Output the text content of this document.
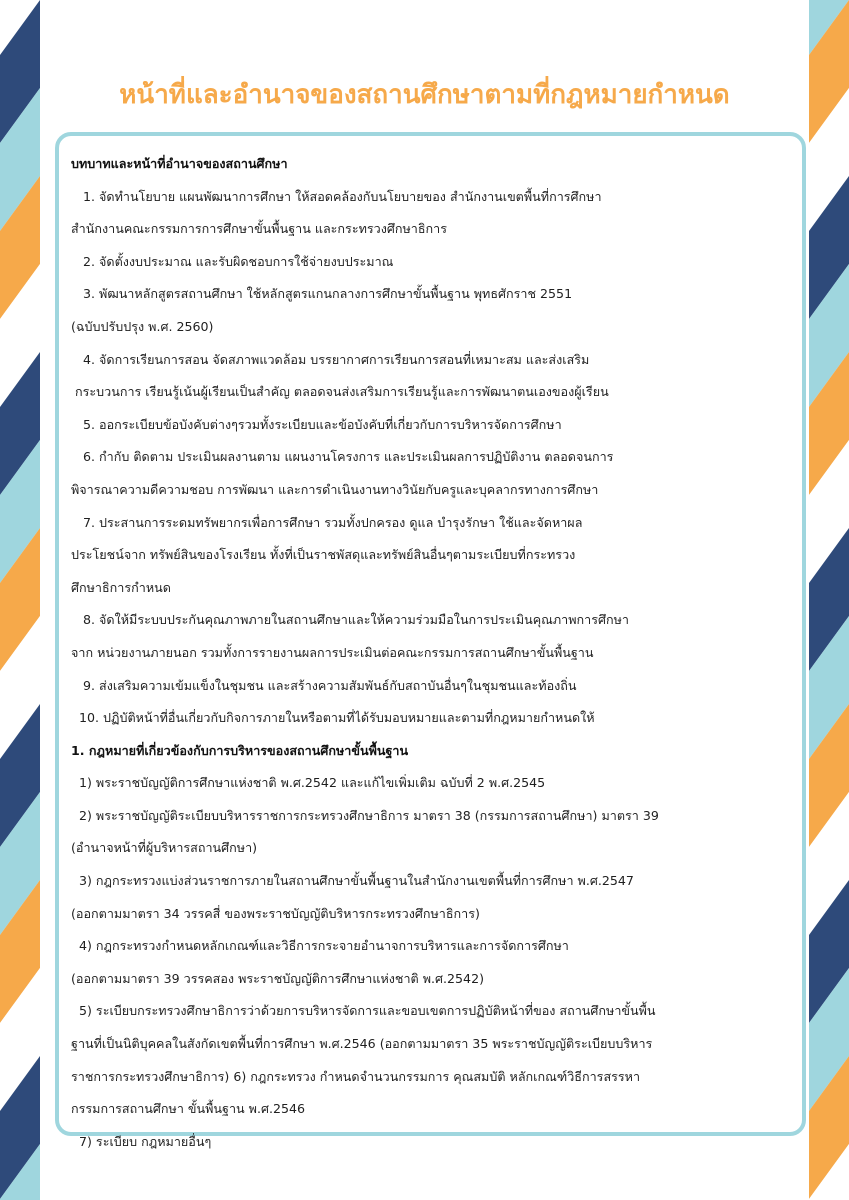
หน้าที่และอำนาจของสถานศึกษาตามที่กฎหมายกำหนด
บทบาทและหน้าที่อำนาจของสถานศึกษา
1. จัดทำนโยบาย แผนพัฒนาการศึกษา ให้สอดคล้องกับนโยบายของ สำนักงานเขตพื้นที่การศึกษา
สำนักงานคณะกรรมการการศึกษาขั้นพื้นฐาน และกระทรวงศึกษาธิการ
2. จัดตั้งงบประมาณ และรับผิดชอบการใช้จ่ายงบประมาณ
3. พัฒนาหลักสูตรสถานศึกษา ใช้หลักสูตรแกนกลางการศึกษาขั้นพื้นฐาน พุทธศักราช 2551
(ฉบับปรับปรุง พ.ศ. 2560)
4. จัดการเรียนการสอน จัดสภาพแวดล้อม บรรยากาศการเรียนการสอนที่เหมาะสม และส่งเสริม
กระบวนการ เรียนรู้เน้นผู้เรียนเป็นสำคัญ ตลอดจนส่งเสริมการเรียนรู้และการพัฒนาตนเองของผู้เรียน
5. ออกระเบียบข้อบังคับต่างๆรวมทั้งระเบียบและข้อบังคับที่เกี่ยวกับการบริหารจัดการศึกษา
6. กำกับ ติดตาม ประเมินผลงานตาม แผนงานโครงการ และประเมินผลการปฏิบัติงาน ตลอดจนการ
พิจารณาความดีความชอบ การพัฒนา และการดำเนินงานทางวินัยกับครูและบุคลากรทางการศึกษา
7. ประสานการระดมทรัพยากรเพื่อการศึกษา รวมทั้งปกครอง ดูแล บำรุงรักษา ใช้และจัดหาผล
ประโยชน์จาก ทรัพย์สินของโรงเรียน ทั้งที่เป็นราชพัสดุและทรัพย์สินอื่นๆตามระเบียบที่กระทรวง
ศึกษาธิการกำหนด
8. จัดให้มีระบบประกันคุณภาพภายในสถานศึกษาและให้ความร่วมมือในการประเมินคุณภาพการศึกษา
จาก หน่วยงานภายนอก รวมทั้งการรายงานผลการประเมินต่อคณะกรรมการสถานศึกษาขั้นพื้นฐาน
9. ส่งเสริมความเข้มแข็งในชุมชน และสร้างความสัมพันธ์กับสถาบันอื่นๆในชุมชนและท้องถิ่น
10. ปฏิบัติหน้าที่อื่นเกี่ยวกับกิจการภายในหรือตามที่ได้รับมอบหมายและตามที่กฎหมายกำหนดให้
1. กฎหมายที่เกี่ยวข้องกับการบริหารของสถานศึกษาขั้นพื้นฐาน
1) พระราชบัญญัติการศึกษาแห่งชาติ พ.ศ.2542 และแก้ไขเพิ่มเติม ฉบับที่ 2 พ.ศ.2545
2) พระราชบัญญัติระเบียบบริหารราชการกระทรวงศึกษาธิการ มาตรา 38 (กรรมการสถานศึกษา) มาตรา 39
(อำนาจหน้าที่ผู้บริหารสถานศึกษา)
3) กฎกระทรวงแบ่งส่วนราชการภายในสถานศึกษาขั้นพื้นฐานในสำนักงานเขตพื้นที่การศึกษา พ.ศ.2547
(ออกตามมาตรา 34 วรรคสี่ ของพระราชบัญญัติบริหารกระทรวงศึกษาธิการ)
4) กฎกระทรวงกำหนดหลักเกณฑ์และวิธีการกระจายอำนาจการบริหารและการจัดการศึกษา
(ออกตามมาตรา 39 วรรคสอง พระราชบัญญัติการศึกษาแห่งชาติ พ.ศ.2542)
5) ระเบียบกระทรวงศึกษาธิการว่าด้วยการบริหารจัดการและขอบเขตการปฏิบัติหน้าที่ของ สถานศึกษาขั้นพื้น
ฐานที่เป็นนิติบุคคลในสังกัดเขตพื้นที่การศึกษา พ.ศ.2546 (ออกตามมาตรา 35 พระราชบัญญัติระเบียบบริหาร
ราชการกระทรวงศึกษาธิการ) 6) กฎกระทรวง กำหนดจำนวนกรรมการ คุณสมบัติ หลักเกณฑ์วิธีการสรรหา
กรรมการสถานศึกษา ขั้นพื้นฐาน พ.ศ.2546
7) ระเบียบ กฎหมายอื่นๆ
